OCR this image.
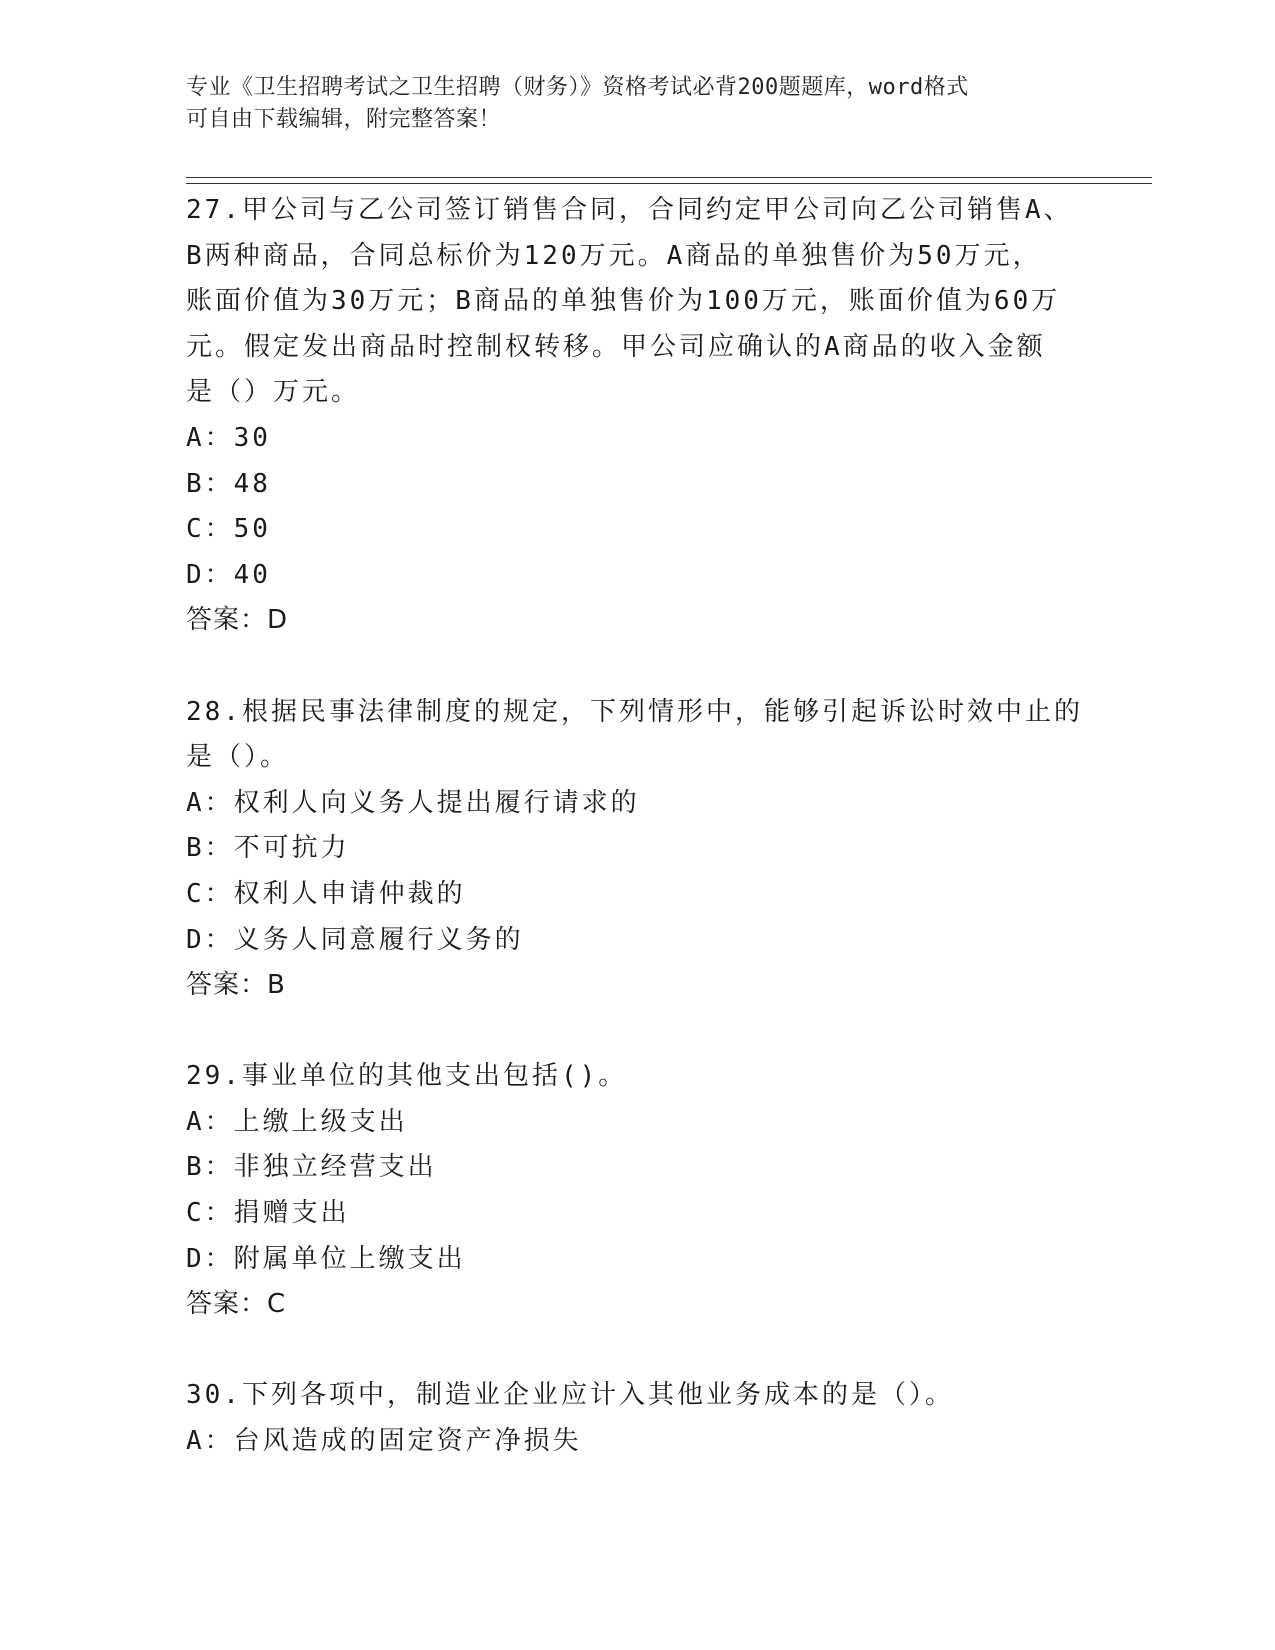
专业《卫生招聘考试之卫生招聘（财务）》资格考试必背200题题库，word格式
可自由下载编辑，附完整答案！

27.甲公司与乙公司签订销售合同，合同约定甲公司向乙公司销售A、

B两种商品，合同总标价为120万元。A商品的单独售价为50万元，

账面价值为30万元；B商品的单独售价为100万元，账面价值为60万

元。假定发出商品时控制权转移。甲公司应确认的A商品的收入金额

是（）万元。

A：30

B：48

C：50

D：40

答案：D

28.根据民事法律制度的规定，下列情形中，能够引起诉讼时效中止的

是（）。

A：权利人向义务人提出履行请求的

B：不可抗力

C：权利人申请仲裁的

D：义务人同意履行义务的

答案：B

29.事业单位的其他支出包括()。

A：上缴上级支出

B：非独立经营支出

C：捐赠支出

D：附属单位上缴支出

答案：C

30.下列各项中，制造业企业应计入其他业务成本的是（）。

A：台风造成的固定资产净损失
